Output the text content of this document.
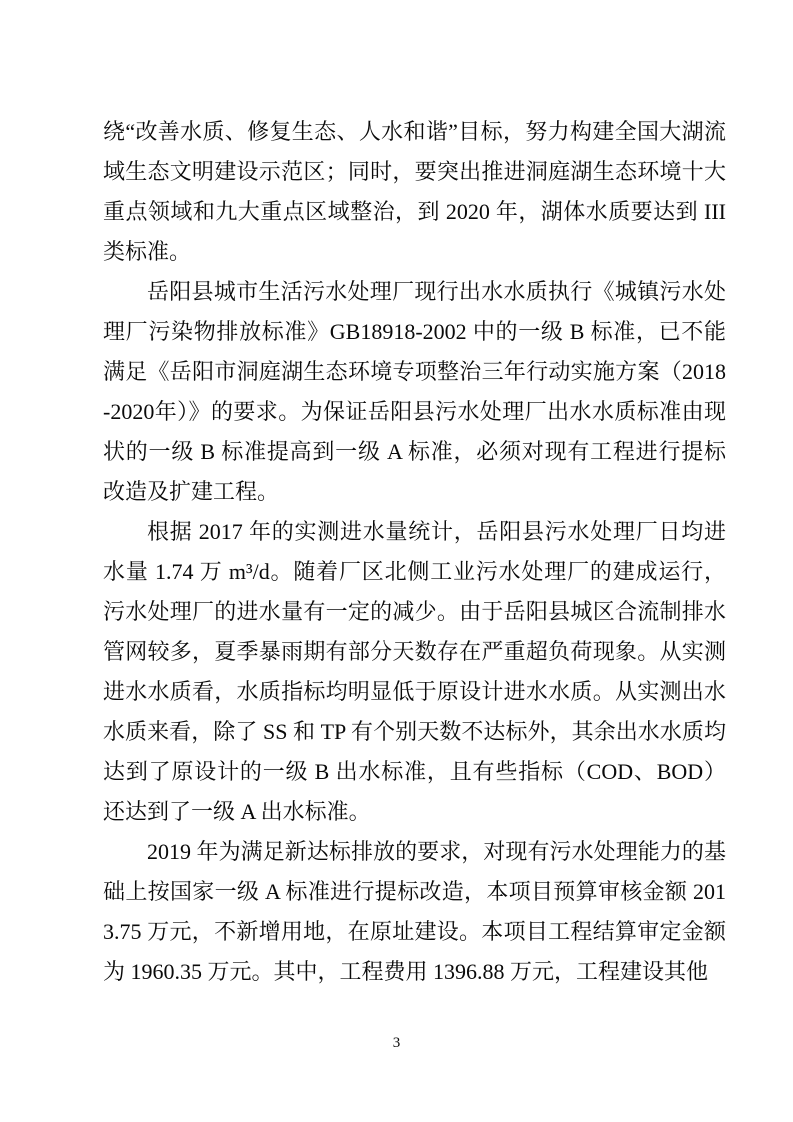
绕“改善水质、修复生态、人水和谐”目标，努力构建全国大湖流域生态文明建设示范区；同时，要突出推进洞庭湖生态环境十大重点领域和九大重点区域整治，到 2020 年，湖体水质要达到 III 类标准。

岳阳县城市生活污水处理厂现行出水水质执行《城镇污水处理厂污染物排放标准》GB18918-2002 中的一级 B 标准，已不能满足《岳阳市洞庭湖生态环境专项整治三年行动实施方案（2018-2020年）》的要求。为保证岳阳县污水处理厂出水水质标准由现状的一级 B 标准提高到一级 A 标准，必须对现有工程进行提标改造及扩建工程。

根据 2017 年的实测进水量统计，岳阳县污水处理厂日均进水量 1.74 万 m³/d。随着厂区北侧工业污水处理厂的建成运行，污水处理厂的进水量有一定的减少。由于岳阳县城区合流制排水管网较多，夏季暴雨期有部分天数存在严重超负荷现象。从实测进水水质看，水质指标均明显低于原设计进水水质。从实测出水水质来看，除了 SS 和 TP 有个别天数不达标外，其余出水水质均达到了原设计的一级 B 出水标准，且有些指标（COD、BOD）还达到了一级 A 出水标准。

2019 年为满足新达标排放的要求，对现有污水处理能力的基础上按国家一级 A 标准进行提标改造，本项目预算审核金额 2013.75 万元，不新增用地，在原址建设。本项目工程结算审定金额为 1960.35 万元。其中，工程费用 1396.88 万元，工程建设其他

3
